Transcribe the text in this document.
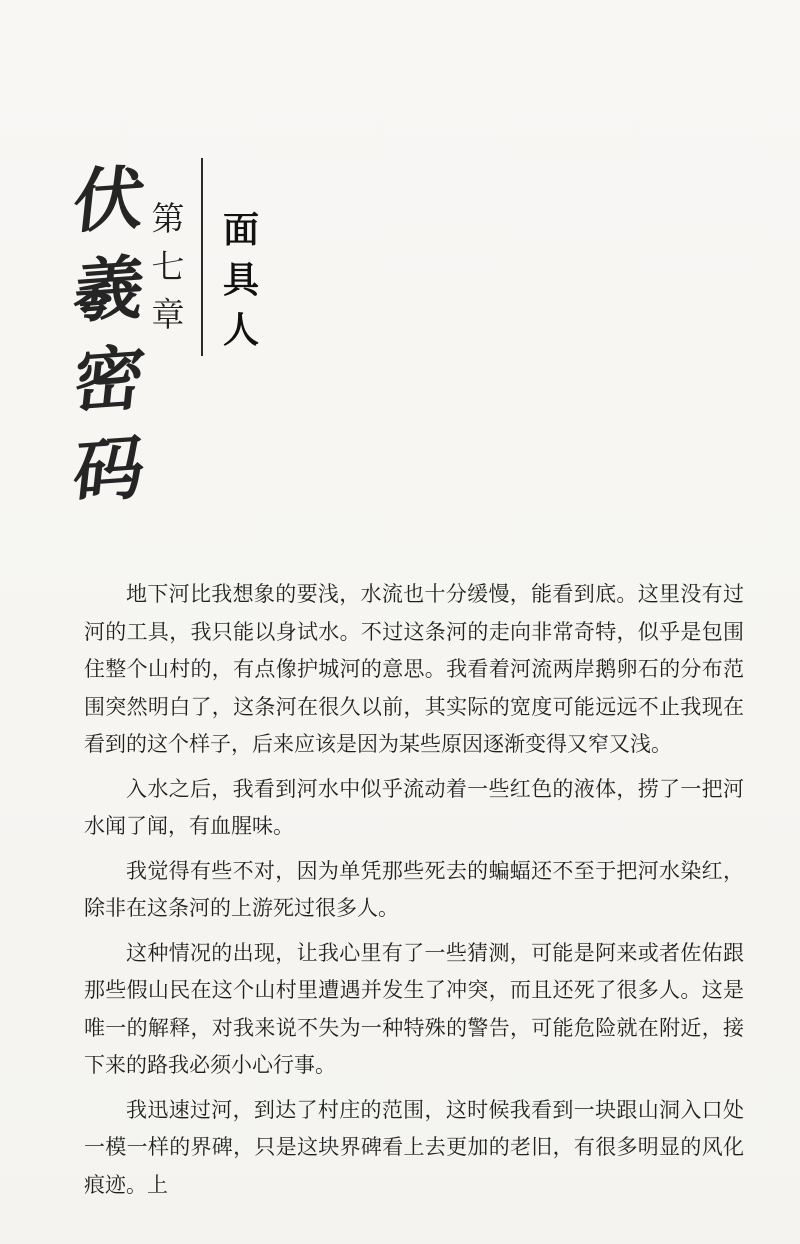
伏
羲
密
码
第
七
章
面
具
人

地下河比我想象的要浅，水流也十分缓慢，能看到底。这里没有过河的工具，我只能以身试水。不过这条河的走向非常奇特，似乎是包围住整个山村的，有点像护城河的意思。我看着河流两岸鹅卵石的分布范围突然明白了，这条河在很久以前，其实际的宽度可能远远不止我现在看到的这个样子，后来应该是因为某些原因逐渐变得又窄又浅。

入水之后，我看到河水中似乎流动着一些红色的液体，捞了一把河水闻了闻，有血腥味。

我觉得有些不对，因为单凭那些死去的蝙蝠还不至于把河水染红，除非在这条河的上游死过很多人。

这种情况的出现，让我心里有了一些猜测，可能是阿来或者佐佑跟那些假山民在这个山村里遭遇并发生了冲突，而且还死了很多人。这是唯一的解释，对我来说不失为一种特殊的警告，可能危险就在附近，接下来的路我必须小心行事。

我迅速过河，到达了村庄的范围，这时候我看到一块跟山洞入口处一模一样的界碑，只是这块界碑看上去更加的老旧，有很多明显的风化痕迹。上
